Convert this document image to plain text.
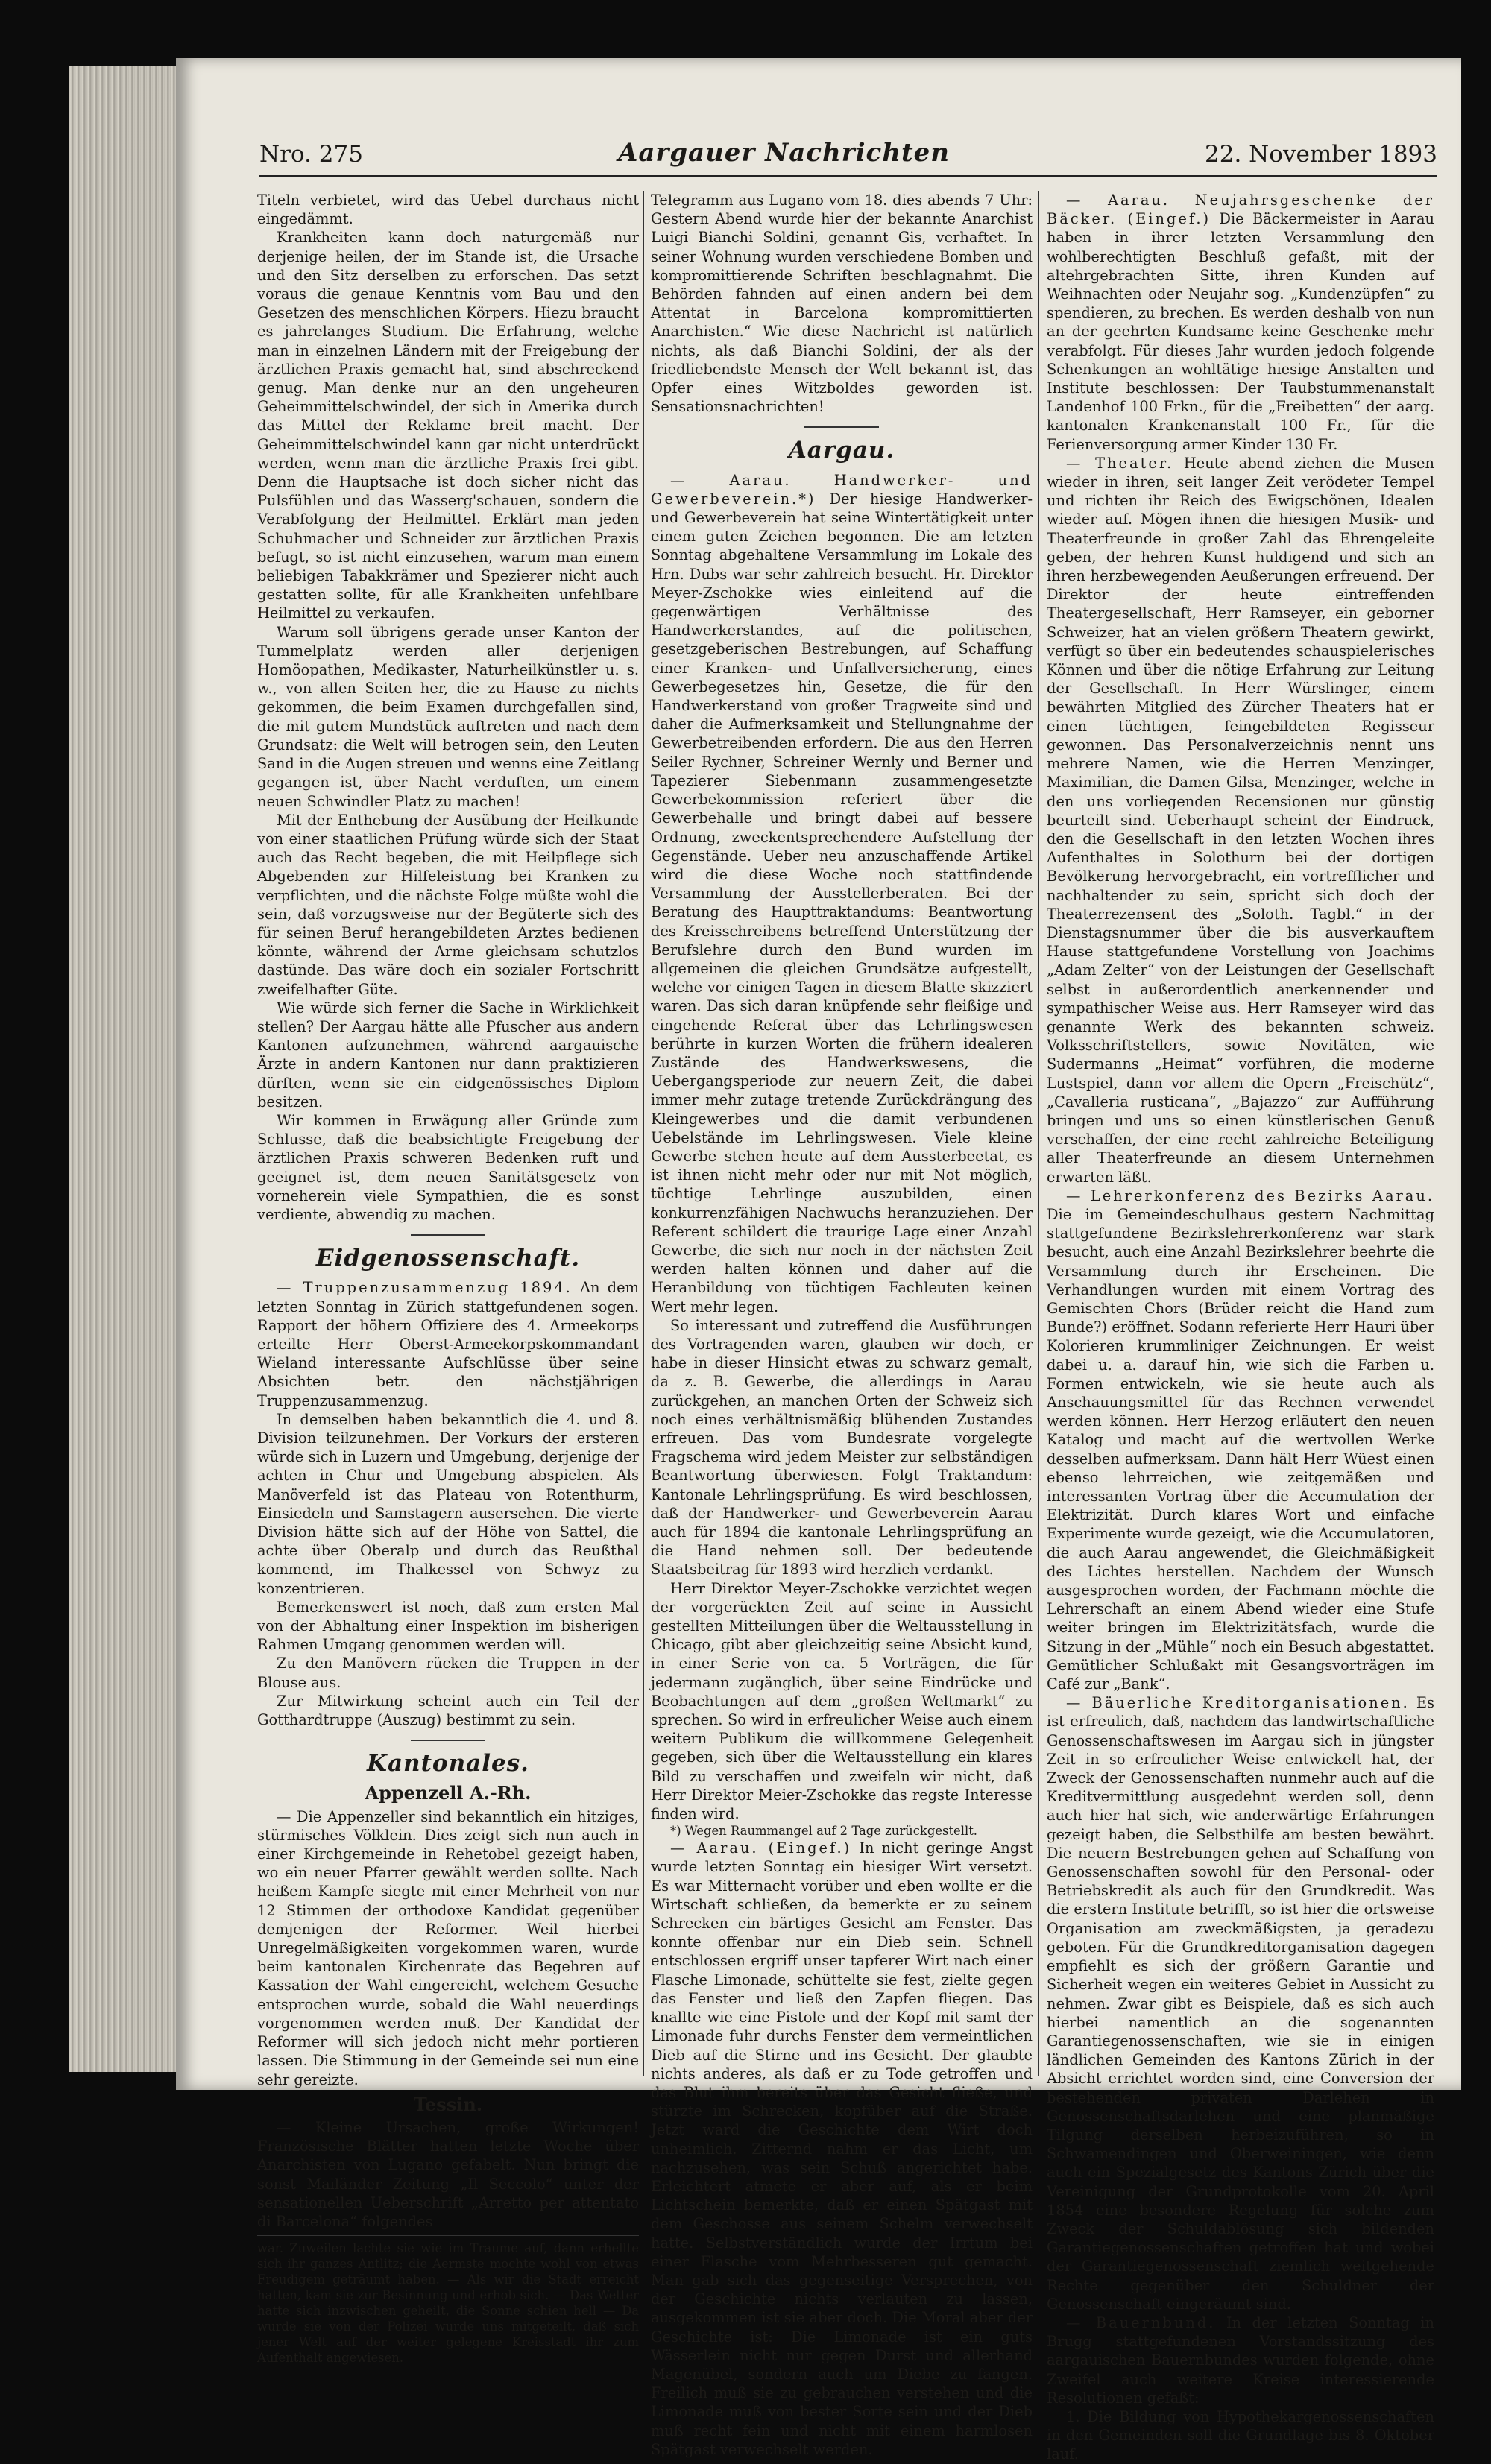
Nro. 275	Aargauer Nachrichten	22. November 1893

Titeln verbietet, wird das Uebel durchaus nicht eingedämmt.

Krankheiten kann doch naturgemäß nur derjenige heilen, der im Stande ist, die Ursache und den Sitz derselben zu erforschen. Das setzt voraus die genaue Kenntnis vom Bau und den Gesetzen des menschlichen Körpers. Hiezu braucht es jahrelanges Studium. Die Erfahrung, welche man in einzelnen Ländern mit der Freigebung der ärztlichen Praxis gemacht hat, sind abschreckend genug. Man denke nur an den ungeheuren Geheimmittelschwindel, der sich in Amerika durch das Mittel der Reklame breit macht. Der Geheimmittelschwindel kann gar nicht unterdrückt werden, wenn man die ärztliche Praxis frei gibt. Denn die Hauptsache ist doch sicher nicht das Pulsfühlen und das Wasserg'schauen, sondern die Verabfolgung der Heilmittel. Erklärt man jeden Schuhmacher und Schneider zur ärztlichen Praxis befugt, so ist nicht einzusehen, warum man einem beliebigen Tabakkrämer und Spezierer nicht auch gestatten sollte, für alle Krankheiten unfehlbare Heilmittel zu verkaufen.

Warum soll übrigens gerade unser Kanton der Tummelplatz werden aller derjenigen Homöopathen, Medikaster, Naturheilkünstler u. s. w., von allen Seiten her, die zu Hause zu nichts gekommen, die beim Examen durchgefallen sind, die mit gutem Mundstück auftreten und nach dem Grundsatz: die Welt will betrogen sein, den Leuten Sand in die Augen streuen und wenns eine Zeitlang gegangen ist, über Nacht verduften, um einem neuen Schwindler Platz zu machen!

Mit der Enthebung der Ausübung der Heilkunde von einer staatlichen Prüfung würde sich der Staat auch das Recht begeben, die mit Heilpflege sich Abgebenden zur Hilfeleistung bei Kranken zu verpflichten, und die nächste Folge müßte wohl die sein, daß vorzugsweise nur der Begüterte sich des für seinen Beruf herangebildeten Arztes bedienen könnte, während der Arme gleichsam schutzlos dastünde. Das wäre doch ein sozialer Fortschritt zweifelhafter Güte.

Wie würde sich ferner die Sache in Wirklichkeit stellen? Der Aargau hätte alle Pfuscher aus andern Kantonen aufzunehmen, während aargauische Ärzte in andern Kantonen nur dann praktizieren dürften, wenn sie ein eidgenössisches Diplom besitzen.

Wir kommen in Erwägung aller Gründe zum Schlusse, daß die beabsichtigte Freigebung der ärztlichen Praxis schweren Bedenken ruft und geeignet ist, dem neuen Sanitätsgesetz von vorneherein viele Sympathien, die es sonst verdiente, abwendig zu machen.

Eidgenossenschaft.

— Truppenzusammenzug 1894. An dem letzten Sonntag in Zürich stattgefundenen sogen. Rapport der höhern Offiziere des 4. Armeekorps erteilte Herr Oberst-Armeekorpskommandant Wieland interessante Aufschlüsse über seine Absichten betr. den nächstjährigen Truppenzusammenzug.

In demselben haben bekanntlich die 4. und 8. Division teilzunehmen. Der Vorkurs der ersteren würde sich in Luzern und Umgebung, derjenige der achten in Chur und Umgebung abspielen. Als Manöverfeld ist das Plateau von Rotenthurm, Einsiedeln und Samstagern ausersehen. Die vierte Division hätte sich auf der Höhe von Sattel, die achte über Oberalp und durch das Reußthal kommend, im Thalkessel von Schwyz zu konzentrieren.

Bemerkenswert ist noch, daß zum ersten Mal von der Abhaltung einer Inspektion im bisherigen Rahmen Umgang genommen werden will.

Zu den Manövern rücken die Truppen in der Blouse aus.

Zur Mitwirkung scheint auch ein Teil der Gotthardtruppe (Auszug) bestimmt zu sein.

Kantonales.
Appenzell A.-Rh.

— Die Appenzeller sind bekanntlich ein hitziges, stürmisches Völklein. Dies zeigt sich nun auch in einer Kirchgemeinde in Rehetobel gezeigt haben, wo ein neuer Pfarrer gewählt werden sollte. Nach heißem Kampfe siegte mit einer Mehrheit von nur 12 Stimmen der orthodoxe Kandidat gegenüber demjenigen der Reformer. Weil hierbei Unregelmäßigkeiten vorgekommen waren, wurde beim kantonalen Kirchenrate das Begehren auf Kassation der Wahl eingereicht, welchem Gesuche entsprochen wurde, sobald die Wahl neuerdings vorgenommen werden muß. Der Kandidat der Reformer will sich jedoch nicht mehr portieren lassen. Die Stimmung in der Gemeinde sei nun eine sehr gereizte.

Tessin.

— Kleine Ursachen, große Wirkungen! Französische Blätter hatten letzte Woche über Anarchisten von Lugano gefabelt. Nun bringt die sonst Mailänder Zeitung „Il Seccolo“ unter der sensationellen Ueberschrift „Arretto per attentato di Barcelona“ folgendes

war. Zuweilen lachte sie wie im Traume auf, dann erhellte sich ihr ganzes Antlitz; die Aermste mochte wohl von etwas Freudigem geträumt haben. — Als wir die Stadt erreicht hatten, kam sie zur Besinnung und erhob sich. — Das Wetter hatte sich inzwischen geheilt, die Sonne schien hell — Da wurde sie von der Polizei wurde uns mitgeteilt, daß sich jener Welt auf der weiter gelegene Kreisstadt ihr zum Aufenthalt angewiesen.

Telegramm aus Lugano vom 18. dies abends 7 Uhr: Gestern Abend wurde hier der bekannte Anarchist Luigi Bianchi Soldini, genannt Gis, verhaftet. In seiner Wohnung wurden verschiedene Bomben und kompromittierende Schriften beschlagnahmt. Die Behörden fahnden auf einen andern bei dem Attentat in Barcelona kompromittierten Anarchisten.“ Wie diese Nachricht ist natürlich nichts, als daß Bianchi Soldini, der als der friedliebendste Mensch der Welt bekannt ist, das Opfer eines Witzboldes geworden ist. Sensationsnachrichten!

Aargau.

— Aarau. Handwerker- und Gewerbeverein.*) Der hiesige Handwerker- und Gewerbeverein hat seine Wintertätigkeit unter einem guten Zeichen begonnen. Die am letzten Sonntag abgehaltene Versammlung im Lokale des Hrn. Dubs war sehr zahlreich besucht. Hr. Direktor Meyer-Zschokke wies einleitend auf die gegenwärtigen Verhältnisse des Handwerkerstandes, auf die politischen, gesetzgeberischen Bestrebungen, auf Schaffung einer Kranken- und Unfallversicherung, eines Gewerbegesetzes hin, Gesetze, die für den Handwerkerstand von großer Tragweite sind und daher die Aufmerksamkeit und Stellungnahme der Gewerbetreibenden erfordern. Die aus den Herren Seiler Rychner, Schreiner Wernly und Berner und Tapezierer Siebenmann zusammengesetzte Gewerbekommission referiert über die Gewerbehalle und bringt dabei auf bessere Ordnung, zweckentsprechendere Aufstellung der Gegenstände. Ueber neu anzuschaffende Artikel wird die diese Woche noch stattfindende Versammlung der Ausstellerberaten. Bei der Beratung des Haupttraktandums: Beantwortung des Kreisschreibens betreffend Unterstützung der Berufslehre durch den Bund wurden im allgemeinen die gleichen Grundsätze aufgestellt, welche vor einigen Tagen in diesem Blatte skizziert waren. Das sich daran knüpfende sehr fleißige und eingehende Referat über das Lehrlingswesen berührte in kurzen Worten die frühern idealeren Zustände des Handwerkswesens, die Uebergangsperiode zur neuern Zeit, die dabei immer mehr zutage tretende Zurückdrängung des Kleingewerbes und die damit verbundenen Uebelstände im Lehrlingswesen. Viele kleine Gewerbe stehen heute auf dem Aussterbeetat, es ist ihnen nicht mehr oder nur mit Not möglich, tüchtige Lehrlinge auszubilden, einen konkurrenzfähigen Nachwuchs heranzuziehen. Der Referent schildert die traurige Lage einer Anzahl Gewerbe, die sich nur noch in der nächsten Zeit werden halten können und daher auf die Heranbildung von tüchtigen Fachleuten keinen Wert mehr legen.

So interessant und zutreffend die Ausführungen des Vortragenden waren, glauben wir doch, er habe in dieser Hinsicht etwas zu schwarz gemalt, da z. B. Gewerbe, die allerdings in Aarau zurückgehen, an manchen Orten der Schweiz sich noch eines verhältnismäßig blühenden Zustandes erfreuen. Das vom Bundesrate vorgelegte Fragschema wird jedem Meister zur selbständigen Beantwortung überwiesen. Folgt Traktandum: Kantonale Lehrlingsprüfung. Es wird beschlossen, daß der Handwerker- und Gewerbeverein Aarau auch für 1894 die kantonale Lehrlingsprüfung an die Hand nehmen soll. Der bedeutende Staatsbeitrag für 1893 wird herzlich verdankt.

Herr Direktor Meyer-Zschokke verzichtet wegen der vorgerückten Zeit auf seine in Aussicht gestellten Mitteilungen über die Weltausstellung in Chicago, gibt aber gleichzeitig seine Absicht kund, in einer Serie von ca. 5 Vorträgen, die für jedermann zugänglich, über seine Eindrücke und Beobachtungen auf dem „großen Weltmarkt“ zu sprechen. So wird in erfreulicher Weise auch einem weitern Publikum die willkommene Gelegenheit gegeben, sich über die Weltausstellung ein klares Bild zu verschaffen und zweifeln wir nicht, daß Herr Direktor Meier-Zschokke das regste Interesse finden wird.

*) Wegen Raummangel auf 2 Tage zurückgestellt.

— Aarau. (Eingef.) In nicht geringe Angst wurde letzten Sonntag ein hiesiger Wirt versetzt. Es war Mitternacht vorüber und eben wollte er die Wirtschaft schließen, da bemerkte er zu seinem Schrecken ein bärtiges Gesicht am Fenster. Das konnte offenbar nur ein Dieb sein. Schnell entschlossen ergriff unser tapferer Wirt nach einer Flasche Limonade, schüttelte sie fest, zielte gegen das Fenster und ließ den Zapfen fliegen. Das knallte wie eine Pistole und der Kopf mit samt der Limonade fuhr durchs Fenster dem vermeintlichen Dieb auf die Stirne und ins Gesicht. Der glaubte nichts anderes, als daß er zu Tode getroffen und das Blut ihm bereits über das Gesicht fließe, und stürzte im Schrecken, kopfüber auf die Straße. Jetzt ward die Geschichte dem Wirt doch unheimlich. Zitternd nahm er das Licht, um nachzusehen, was sein Schuß angerichtet habe. Erleichtert atmete er aber auf, als er beim Lichtschein bemerkte, daß er einen Spätgast mit dem Geschosse aus seinem Schelm verwechselt hatte. Selbstverständlich wurde der Irrtum bei einer Flasche vom Mehrbesseren gut gemacht. Man gab sich das gegenseitige Versprechen, von der Geschichte nichts verlauten zu lassen, ausgekommen ist sie aber doch. Die Moral aber der Geschichte ist: Die Limonade ist ein guts Wässerlein nicht nur gegen Durst und allerhand Magenübel, sondern auch um Diebe zu fangen. Freilich muß sie zu gebrauchen verstehen und die Limonade muß von bester Sorte sein und der Dieb muß recht fein und nicht mit einem harmlosen Spätgast verwechselt werden.

— Aarau. Neujahrsgeschenke der Bäcker. (Eingef.) Die Bäckermeister in Aarau haben in ihrer letzten Versammlung den wohlberechtigten Beschluß gefaßt, mit der altehrgebrachten Sitte, ihren Kunden auf Weihnachten oder Neujahr sog. „Kundenzüpfen“ zu spendieren, zu brechen. Es werden deshalb von nun an der geehrten Kundsame keine Geschenke mehr verabfolgt. Für dieses Jahr wurden jedoch folgende Schenkungen an wohltätige hiesige Anstalten und Institute beschlossen: Der Taubstummenanstalt Landenhof 100 Frkn., für die „Freibetten“ der aarg. kantonalen Krankenanstalt 100 Fr., für die Ferienversorgung armer Kinder 130 Fr.

— Theater. Heute abend ziehen die Musen wieder in ihren, seit langer Zeit verödeter Tempel und richten ihr Reich des Ewigschönen, Idealen wieder auf. Mögen ihnen die hiesigen Musik- und Theaterfreunde in großer Zahl das Ehrengeleite geben, der hehren Kunst huldigend und sich an ihren herzbewegenden Aeußerungen erfreuend. Der Direktor der heute eintreffenden Theatergesellschaft, Herr Ramseyer, ein geborner Schweizer, hat an vielen größern Theatern gewirkt, verfügt so über ein bedeutendes schauspielerisches Können und über die nötige Erfahrung zur Leitung der Gesellschaft. In Herr Würslinger, einem bewährten Mitglied des Zürcher Theaters hat er einen tüchtigen, feingebildeten Regisseur gewonnen. Das Personalverzeichnis nennt uns mehrere Namen, wie die Herren Menzinger, Maximilian, die Damen Gilsa, Menzinger, welche in den uns vorliegenden Recensionen nur günstig beurteilt sind. Ueberhaupt scheint der Eindruck, den die Gesellschaft in den letzten Wochen ihres Aufenthaltes in Solothurn bei der dortigen Bevölkerung hervorgebracht, ein vortrefflicher und nachhaltender zu sein, spricht sich doch der Theaterrezensent des „Soloth. Tagbl.“ in der Dienstagsnummer über die bis ausverkauftem Hause stattgefundene Vorstellung von Joachims „Adam Zelter“ von der Leistungen der Gesellschaft selbst in außerordentlich anerkennender und sympathischer Weise aus. Herr Ramseyer wird das genannte Werk des bekannten schweiz. Volksschriftstellers, sowie Novitäten, wie Sudermanns „Heimat“ vorführen, die moderne Lustspiel, dann vor allem die Opern „Freischütz“, „Cavalleria rusticana“, „Bajazzo“ zur Aufführung bringen und uns so einen künstlerischen Genuß verschaffen, der eine recht zahlreiche Beteiligung aller Theaterfreunde an diesem Unternehmen erwarten läßt.

— Lehrerkonferenz des Bezirks Aarau. Die im Gemeindeschulhaus gestern Nachmittag stattgefundene Bezirkslehrerkonferenz war stark besucht, auch eine Anzahl Bezirkslehrer beehrte die Versammlung durch ihr Erscheinen. Die Verhandlungen wurden mit einem Vortrag des Gemischten Chors (Brüder reicht die Hand zum Bunde?) eröffnet. Sodann referierte Herr Hauri über Kolorieren krummliniger Zeichnungen. Er weist dabei u. a. darauf hin, wie sich die Farben u. Formen entwickeln, wie sie heute auch als Anschauungsmittel für das Rechnen verwendet werden können. Herr Herzog erläutert den neuen Katalog und macht auf die wertvollen Werke desselben aufmerksam. Dann hält Herr Wüest einen ebenso lehrreichen, wie zeitgemäßen und interessanten Vortrag über die Accumulation der Elektrizität. Durch klares Wort und einfache Experimente wurde gezeigt, wie die Accumulatoren, die auch Aarau angewendet, die Gleichmäßigkeit des Lichtes herstellen. Nachdem der Wunsch ausgesprochen worden, der Fachmann möchte die Lehrerschaft an einem Abend wieder eine Stufe weiter bringen im Elektrizitätsfach, wurde die Sitzung in der „Mühle“ noch ein Besuch abgestattet. Gemütlicher Schlußakt mit Gesangsvorträgen im Café zur „Bank“.

— Bäuerliche Kreditorganisationen. Es ist erfreulich, daß, nachdem das landwirtschaftliche Genossenschaftswesen im Aargau sich in jüngster Zeit in so erfreulicher Weise entwickelt hat, der Zweck der Genossenschaften nunmehr auch auf die Kreditvermittlung ausgedehnt werden soll, denn auch hier hat sich, wie anderwärtige Erfahrungen gezeigt haben, die Selbsthilfe am besten bewährt. Die neuern Bestrebungen gehen auf Schaffung von Genossenschaften sowohl für den Personal- oder Betriebskredit als auch für den Grundkredit. Was die erstern Institute betrifft, so ist hier die ortsweise Organisation am zweckmäßigsten, ja geradezu geboten. Für die Grundkreditorganisation dagegen empfiehlt es sich der größern Garantie und Sicherheit wegen ein weiteres Gebiet in Aussicht zu nehmen. Zwar gibt es Beispiele, daß es sich auch hierbei namentlich an die sogenannten Garantiegenossenschaften, wie sie in einigen ländlichen Gemeinden des Kantons Zürich in der Absicht errichtet worden sind, eine Conversion der bestehenden privaten Darlehen in Genossenschaftsdarlehen und eine planmäßige Tilgung derselben herbeizuführen, so in Schwamendingen und Oberweiningen, wie denn auch ein Spezialgesetz des Kantons Zürich über die Vereinigung der Grundprotokolle vom 20. April 1854 eine besondere Regelung für solche zum Zweck der Schuldablösung sich bildenden Garantiegenossenschaften getroffen hat und wobei der Garantiegenossenschaft ziemlich weitgehende Rechte gegenüber den Schuldner der Genossenschaft eingeräumt sind.

— Bauernbund. In der letzten Sonntag in Brugg stattgefundenen Vorstandssitzung des aargauischen Bauernbundes wurden folgende, ohne Zweifel auch weitere Kreise interessierende Resolutionen gefaßt:

1. Die Bildung von Hypothekargenossenschaften in den Gemeinden soll die Grundlage bis 8. Oktober lauf.
